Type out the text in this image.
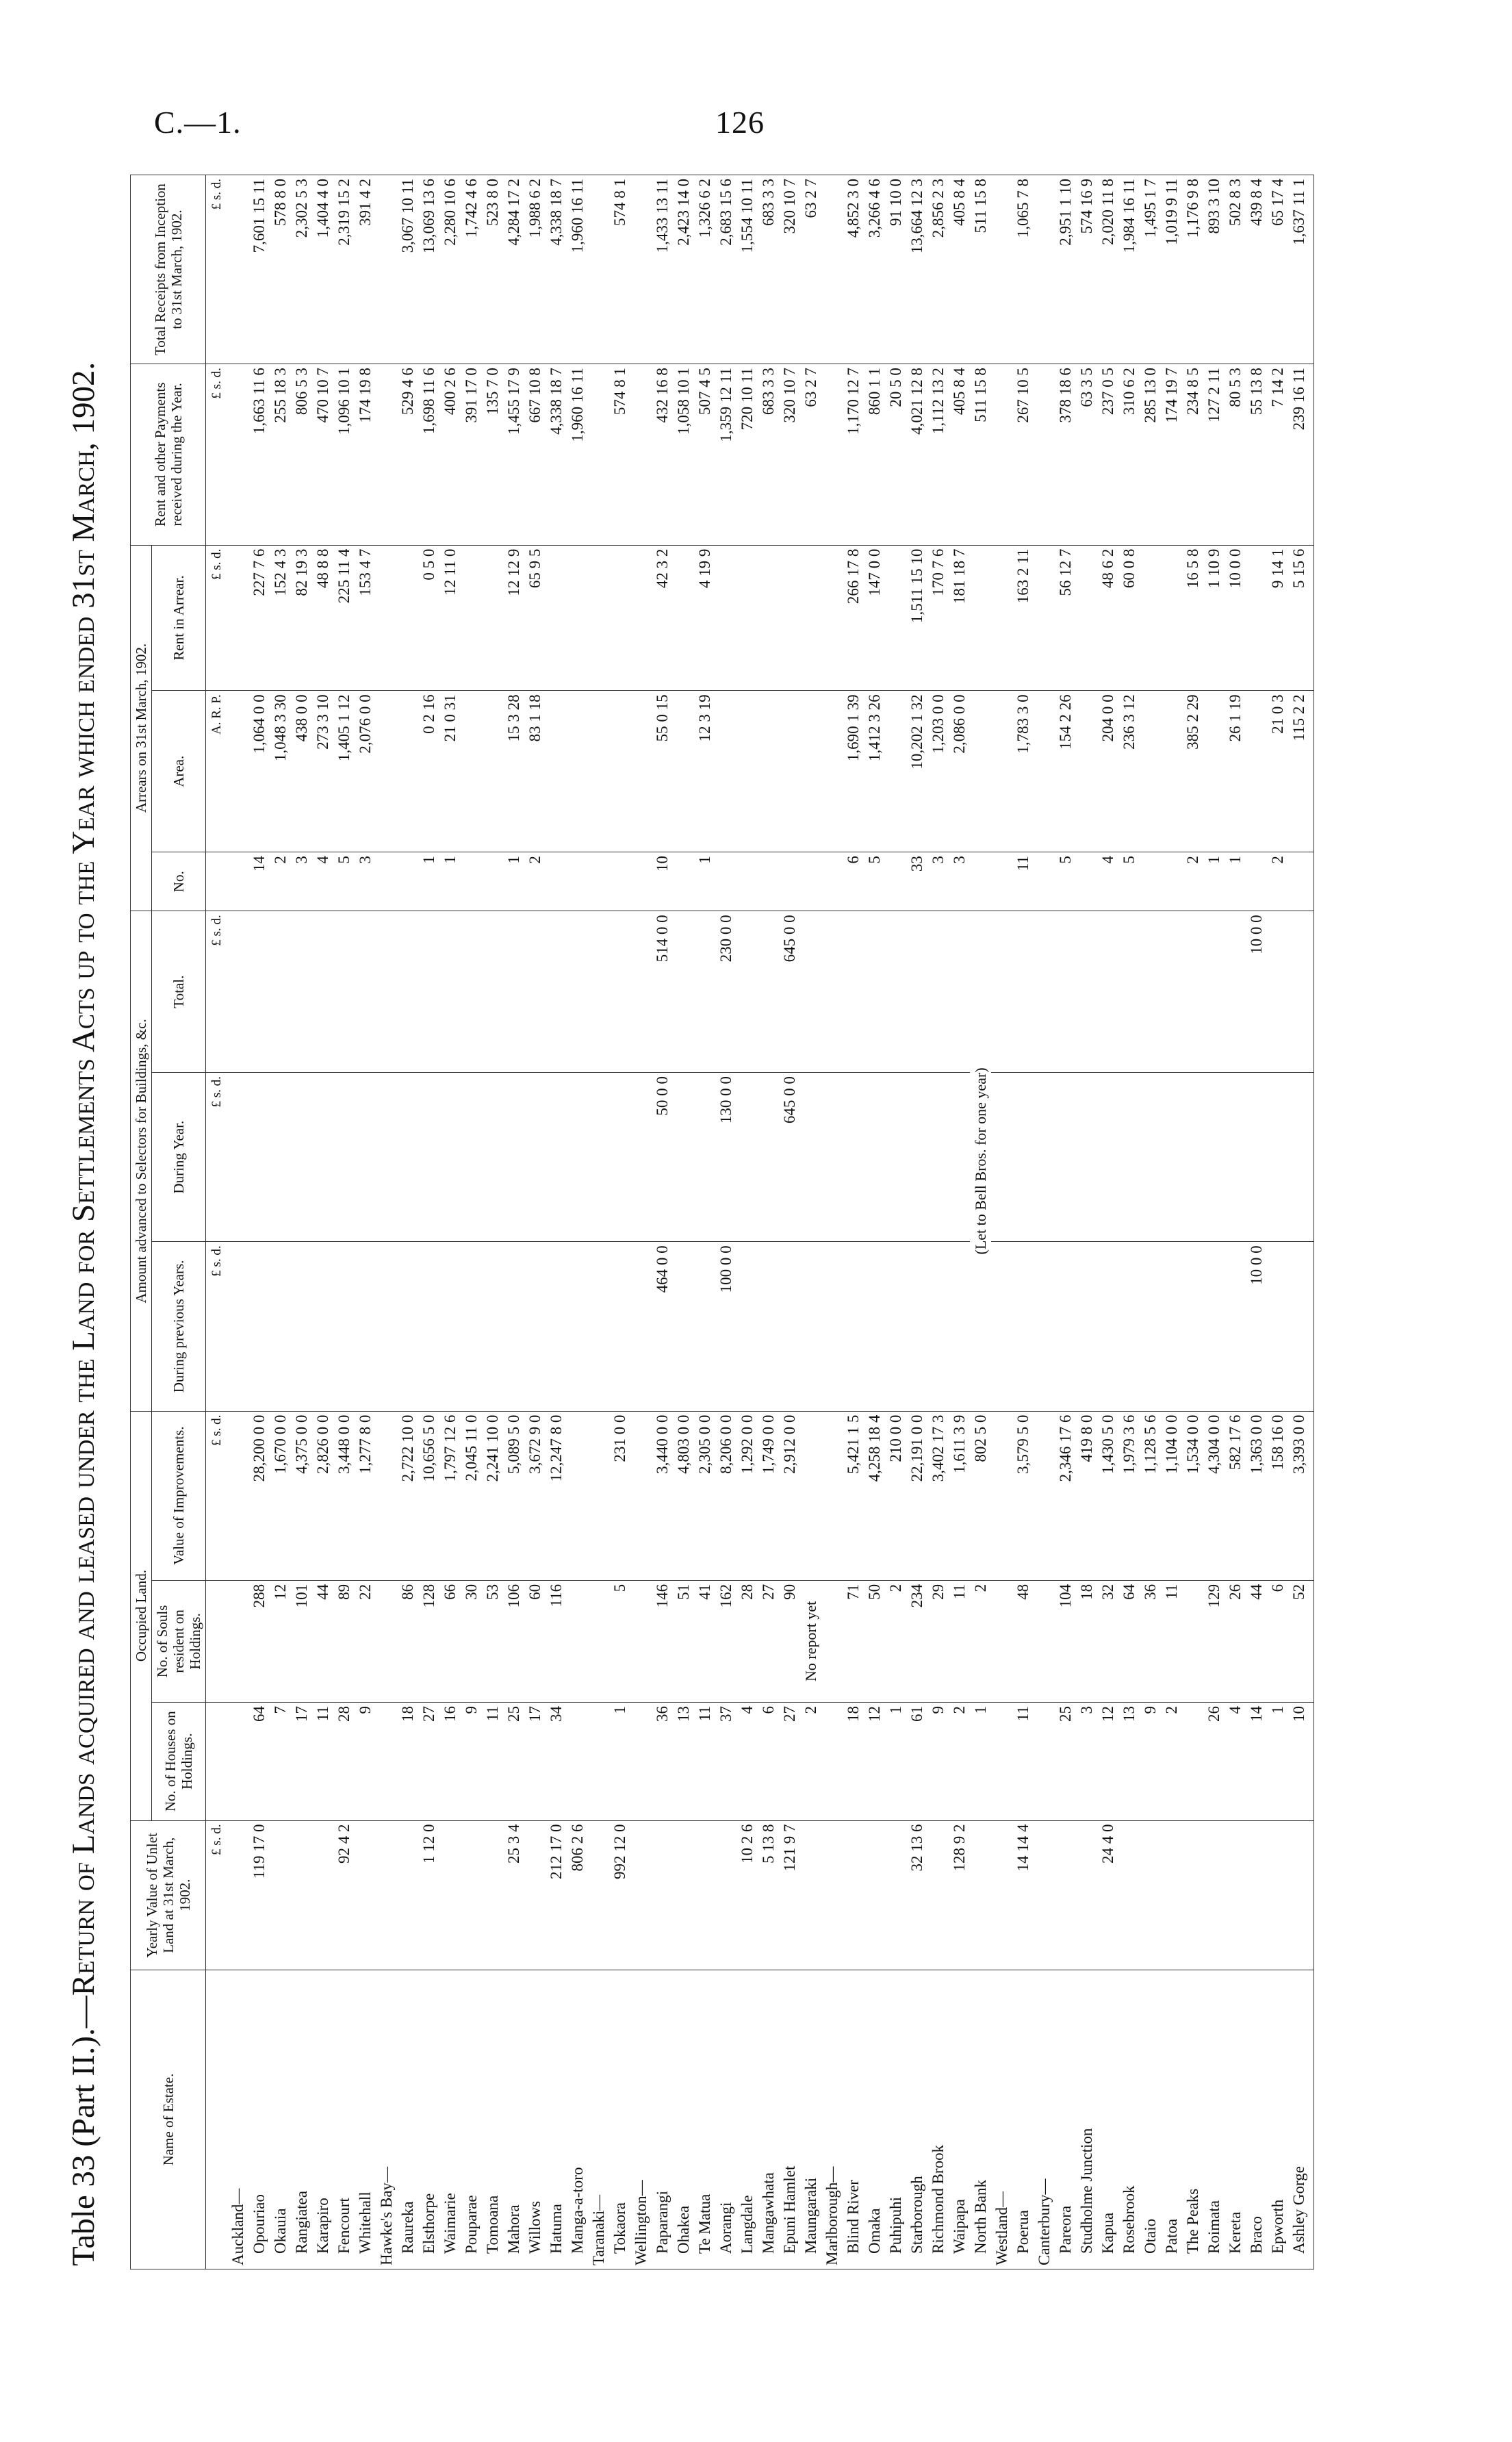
C.—1.	126
Table 33 (Part II.).—Return of Lands acquired and leased under the Land for Settlements Acts up to the Year which ended 31st March, 1902.
Name of Estate.	Yearly Value of Unlet Land at 31st March, 1902.	Occupied Land.			Amount advanced to Selectors for Buildings, &c.			Arrears on 31st March, 1902.			Rent and other Payments received during the Year.	Total Receipts from Inception to 31st March, 1902.
		No. of Houses on Holdings.	No. of Souls resident on Holdings.	Value of Improvements.	During previous Years.	During Year.	Total.	No.	Area.	Rent in Arrear.		

	£ s. d.			£ s. d.	£ s. d.	£ s. d.	£ s. d.		A. R. P.	£ s. d.	£ s. d.	£ s. d.
Auckland—												
Opouriao	119 17 0	64	288	28,200 0 0				14	1,064 0 0	227 7 6	1,663 11 6	7,601 15 11
Okauia		7	12	1,670 0 0				2	1,048 3 30	152 4 3	255 18 3	578 8 0
Rangiatea		17	101	4,375 0 0				3	438 0 0	82 19 3	806 5 3	2,302 5 3
Karapiro		11	44	2,826 0 0				4	273 3 10	48 8 8	470 10 7	1,404 4 0
Fencourt	92 4 2	28	89	3,448 0 0				5	1,405 1 12	225 11 4	1,096 10 1	2,319 15 2
Whitehall		9	22	1,277 8 0				3	2,076 0 0	153 4 7	174 19 8	391 4 2
Hawke's Bay—												
Raureka		18	86	2,722 10 0							529 4 6	3,067 10 11
Elsthorpe	1 12 0	27	128	10,656 5 0				1	0 2 16	0 5 0	1,698 11 6	13,069 13 6
Waimarie		16	66	1,797 12 6				1	21 0 31	12 11 0	400 2 6	2,280 10 6
Pouparae		9	30	2,045 11 0							391 17 0	1,742 4 6
Tomoana		11	53	2,241 10 0							135 7 0	523 8 0
Mahora	25 3 4	25	106	5,089 5 0				1	15 3 28	12 12 9	1,455 17 9	4,284 17 2
Willows		17	60	3,672 9 0				2	83 1 18	65 9 5	667 10 8	1,988 6 2
Hatuma	212 17 0	34	116	12,247 8 0							4,338 18 7	4,338 18 7
Manga-a-toro	806 2 6										1,960 16 11	1,960 16 11
Taranaki—												
Tokaora	992 12 0	1	5	231 0 0							574 8 1	574 8 1
Wellington—												
Paparangi		36	146	3,440 0 0	464 0 0	50 0 0	514 0 0	10	55 0 15	42 3 2	432 16 8	1,433 13 11
Ohakea		13	51	4,803 0 0							1,058 10 1	2,423 14 0
Te Matua		11	41	2,305 0 0				1	12 3 19	4 19 9	507 4 5	1,326 6 2
Aorangi		37	162	8,206 0 0	100 0 0	130 0 0	230 0 0				1,359 12 11	2,683 15 6
Langdale	10 2 6	4	28	1,292 0 0							720 10 11	1,554 10 11
Mangawhata	5 13 8	6	27	1,749 0 0							683 3 3	683 3 3
Epuni Hamlet	121 9 7	27	90	2,912 0 0		645 0 0	645 0 0				320 10 7	320 10 7
Maungaraki		2	No report yet								63 2 7	63 2 7
Marlborough—												
Blind River		18	71	5,421 1 5				6	1,690 1 39	266 17 8	1,170 12 7	4,852 3 0
Omaka		12	50	4,258 18 4				5	1,412 3 26	147 0 0	860 1 1	3,266 4 6
Puhipuhi		1	2	210 0 0							20 5 0	91 10 0
Starborough	32 13 6	61	234	22,191 0 0				33	10,202 1 32	1,511 15 10	4,021 12 8	13,664 12 3
Richmond Brook		9	29	3,402 17 3				3	1,203 0 0	170 7 6	1,112 13 2	2,856 2 3
Waipapa	128 9 2	2	11	1,611 3 9				3	2,086 0 0	181 18 7	405 8 4	405 8 4
North Bank		1	2	802 5 0	(Let to Bell Bros. for one year)						511 15 8	511 15 8
Westland—												
Poerua	14 14 4	11	48	3,579 5 0				11	1,783 3 0	163 2 11	267 10 5	1,065 7 8
Canterbury—												
Pareora		25	104	2,346 17 6				5	154 2 26	56 12 7	378 18 6	2,951 1 10
Studholme Junction		3	18	419 8 0							63 3 5	574 16 9
Kapua	24 4 0	12	32	1,430 5 0				4	204 0 0	48 6 2	237 0 5	2,020 11 8
Rosebrook		13	64	1,979 3 6				5	236 3 12	60 0 8	310 6 2	1,984 16 11
Otaio		9	36	1,128 5 6							285 13 0	1,495 1 7
Patoa		2	11	1,104 0 0							174 19 7	1,019 9 11
The Peaks				1,534 0 0				2	385 2 29	16 5 8	234 8 5	1,176 9 8
Roimata		26	129	4,304 0 0				1		1 10 9	127 2 11	893 3 10
Kereta		4	26	582 17 6				1	26 1 19	10 0 0	80 5 3	502 8 3
Braco		14	44	1,363 0 0	10 0 0		10 0 0				55 13 8	439 8 4
Epworth		1	6	158 16 0				2	21 0 3	9 14 1	7 14 2	65 17 4
Ashley Gorge		10	52	3,393 0 0					115 2 2	5 15 6	239 16 11	1,637 11 1
